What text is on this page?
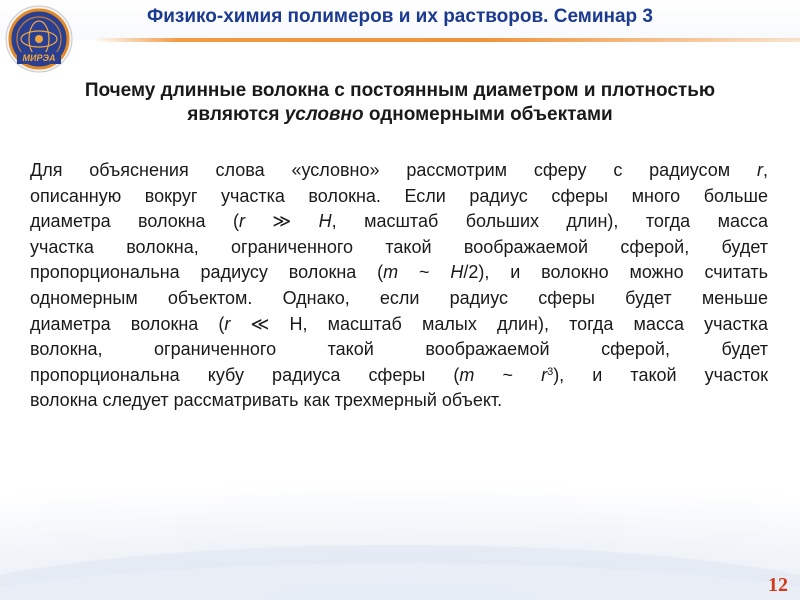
МИРЭА
Физико-химия полимеров и их растворов. Семинар 3
Почему длинные волокна с постоянным диаметром и плотностью
являются условно одномерными объектами
Для объяснения слова «условно» рассмотрим сферу с радиусом r,
описанную вокруг участка волокна. Если радиус сферы много больше
диаметра волокна (r ≫ H, масштаб больших длин), тогда масса
участка волокна, ограниченного такой воображаемой сферой, будет
пропорциональна радиусу волокна (m ~ H/2), и волокно можно считать
одномерным объектом. Однако, если радиус сферы будет меньше
диаметра волокна (r ≪ H, масштаб малых длин), тогда масса участка
волокна, ограниченного такой воображаемой сферой, будет
пропорциональна кубу радиуса сферы (m ~ $r^3$), и такой участок
волокна следует рассматривать как трехмерный объект.
12
